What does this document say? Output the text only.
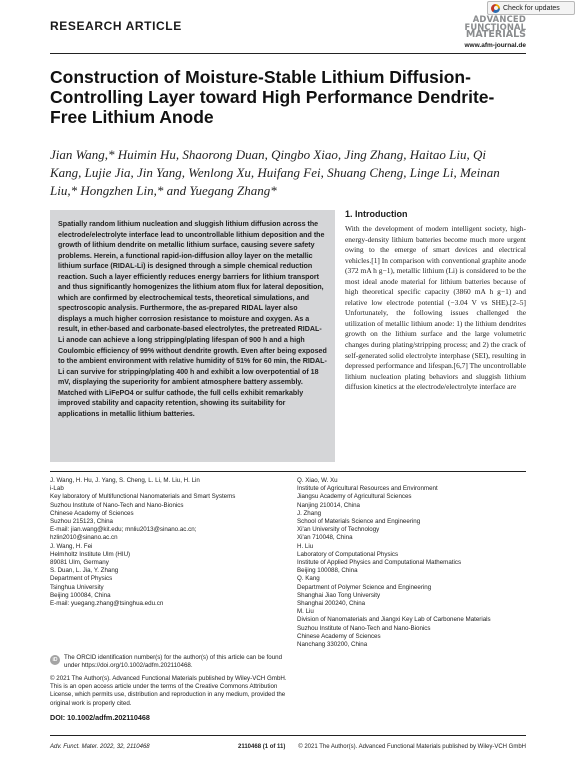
Check for updates
RESEARCH ARTICLE	ADVANCED
FUNCTIONAL
MATERIALS
www.afm-journal.de
Construction of Moisture-Stable Lithium Diffusion-Controlling Layer toward High Performance Dendrite-Free Lithium Anode
Jian Wang,* Huimin Hu, Shaorong Duan, Qingbo Xiao, Jing Zhang, Haitao Liu, Qi Kang, Lujie Jia, Jin Yang, Wenlong Xu, Huifang Fei, Shuang Cheng, Linge Li, Meinan Liu,* Hongzhen Lin,* and Yuegang Zhang*

Spatially random lithium nucleation and sluggish lithium diffusion across the electrode/electrolyte interface lead to uncontrollable lithium deposition and the growth of lithium dendrite on metallic lithium surface, causing severe safety problems. Herein, a functional rapid-ion-diffusion alloy layer on the metallic lithium surface (RIDAL-Li) is designed through a simple chemical reduction reaction. Such a layer efficiently reduces energy barriers for lithium transport and thus significantly homogenizes the lithium atom flux for lateral deposition, which are confirmed by electrochemical tests, theoretical simulations, and spectroscopic analysis. Furthermore, the as-prepared RIDAL layer also displays a much higher corrosion resistance to moisture and oxygen. As a result, in ether-based and carbonate-based electrolytes, the pretreated RIDAL-Li anode can achieve a long stripping/plating lifespan of 900 h and a high Coulombic efficiency of 99% without dendrite growth. Even after being exposed to the ambient environment with relative humidity of 51% for 60 min, the RIDAL-Li can survive for stripping/plating 400 h and exhibit a low overpotential of 18 mV, displaying the superiority for ambient atmosphere battery assembly. Matched with LiFePO4 or sulfur cathode, the full cells exhibit remarkably improved stability and capacity retention, showing its suitability for applications in metallic lithium batteries.

1. Introduction

With the development of modern intelligent society, high-energy-density lithium batteries become much more urgent owing to the emerge of smart devices and electrical vehicles.[1] In comparison with conventional graphite anode (372 mA h g−1), metallic lithium (Li) is considered to be the most ideal anode material for lithium batteries because of high theoretical specific capacity (3860 mA h g−1) and relative low electrode potential (−3.04 V vs SHE).[2–5] Unfortunately, the following issues challenged the utilization of metallic lithium anode: 1) the lithium dendrites growth on the lithium surface and the large volumetric changes during plating/stripping process; and 2) the crack of self-generated solid electrolyte interphase (SEI), resulting in depressed performance and lifespan.[6,7] The uncontrollable lithium nucleation plating behaviors and sluggish lithium diffusion kinetics at the electrode/electrolyte interface are

J. Wang, H. Hu, J. Yang, S. Cheng, L. Li, M. Liu, H. Lin
i-Lab
Key laboratory of Multifunctional Nanomaterials and Smart Systems
Suzhou Institute of Nano-Tech and Nano-Bionics
Chinese Academy of Sciences
Suzhou 215123, China
E-mail: jian.wang@kit.edu; mnliu2013@sinano.ac.cn;
hzlin2010@sinano.ac.cn
J. Wang, H. Fei
Helmholtz Institute Ulm (HIU)
89081 Ulm, Germany
S. Duan, L. Jia, Y. Zhang
Department of Physics
Tsinghua University
Beijing 100084, China
E-mail: yuegang.zhang@tsinghua.edu.cn
iD	The ORCID identification number(s) for the author(s) of this article can be found under https://doi.org/10.1002/adfm.202110468.
© 2021 The Author(s). Advanced Functional Materials published by Wiley-VCH GmbH. This is an open access article under the terms of the Creative Commons Attribution License, which permits use, distribution and reproduction in any medium, provided the original work is properly cited.
DOI: 10.1002/adfm.202110468
Q. Xiao, W. Xu
Institute of Agricultural Resources and Environment
Jiangsu Academy of Agricultural Sciences
Nanjing 210014, China
J. Zhang
School of Materials Science and Engineering
Xi'an University of Technology
Xi'an 710048, China
H. Liu
Laboratory of Computational Physics
Institute of Applied Physics and Computational Mathematics
Beijing 100088, China
Q. Kang
Department of Polymer Science and Engineering
Shanghai Jiao Tong University
Shanghai 200240, China
M. Liu
Division of Nanomaterials and Jiangxi Key Lab of Carbonene Materials
Suzhou Institute of Nano-Tech and Nano-Bionics
Chinese Academy of Sciences
Nanchang 330200, China
Adv. Funct. Mater. 2022, 32, 2110468	2110468 (1 of 11) © 2021 The Author(s). Advanced Functional Materials published by Wiley-VCH GmbH
